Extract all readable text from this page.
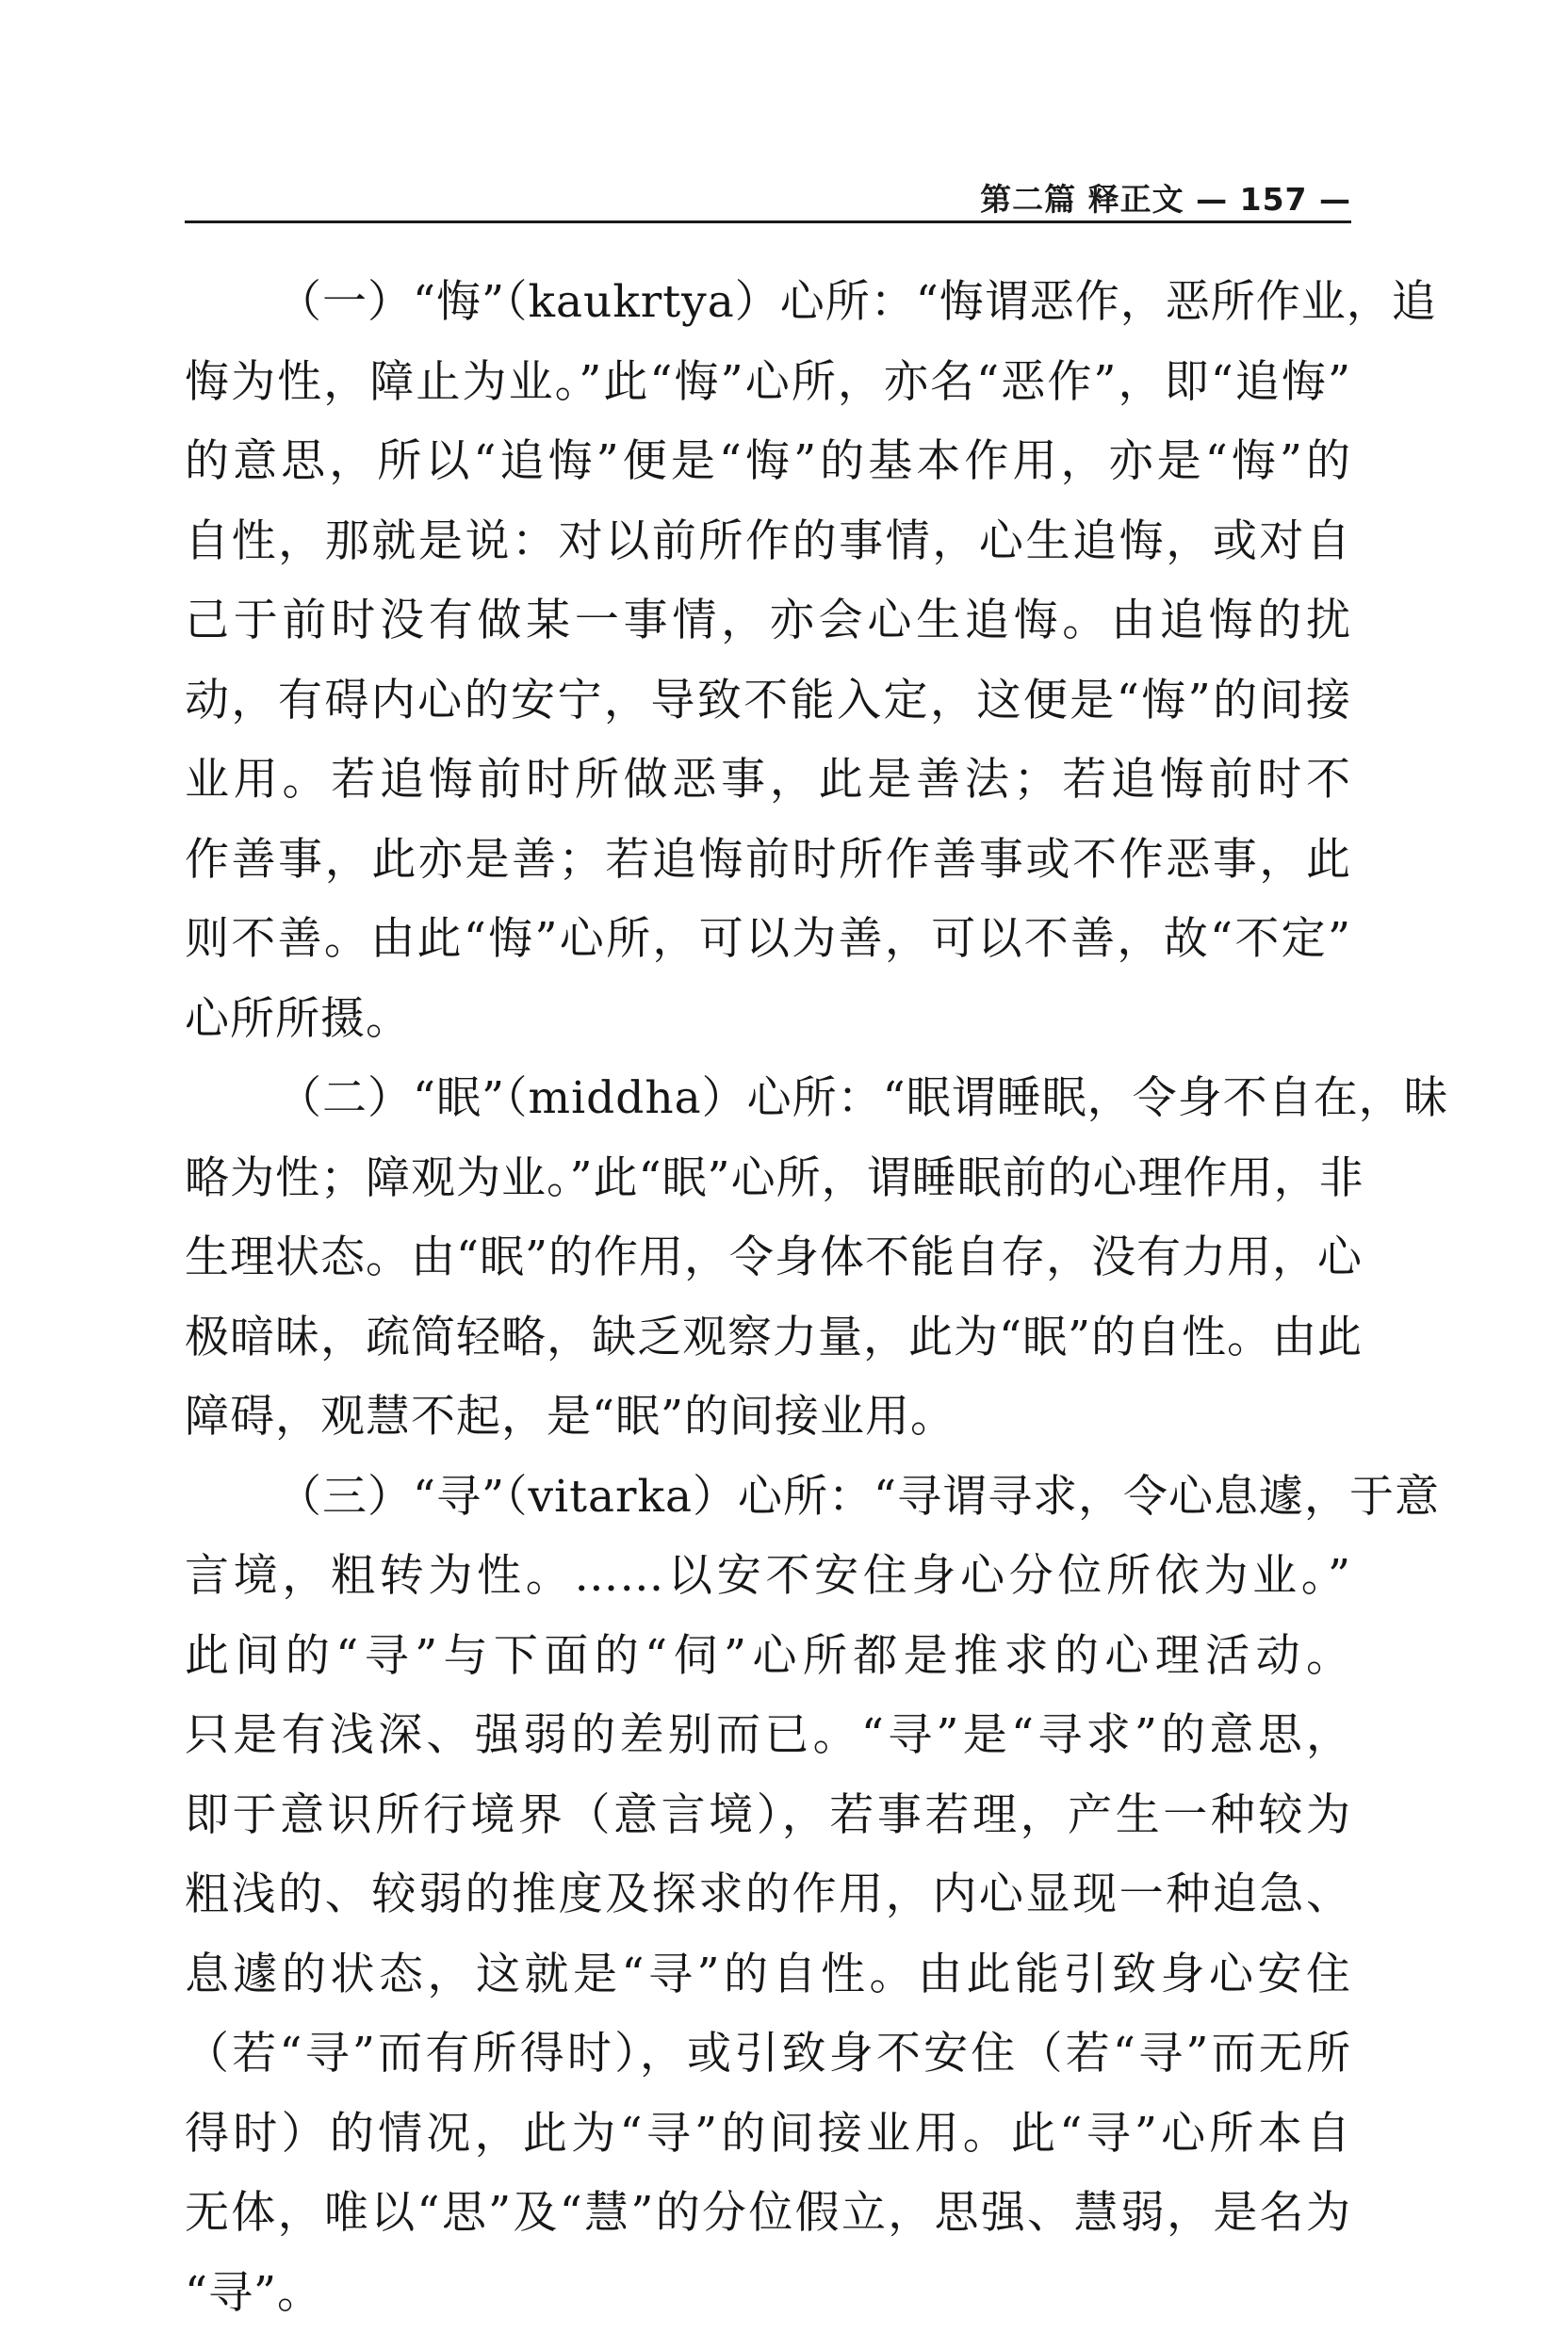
第二篇 释正文 — 157 —
（一）“悔”（kaukrtya）心所：“悔谓恶作，恶所作业，追
悔为性，障止为业。”此“悔”心所，亦名“恶作”，即“追悔”
的意思，所以“追悔”便是“悔”的基本作用，亦是“悔”的
自性，那就是说：对以前所作的事情，心生追悔，或对自
己于前时没有做某一事情，亦会心生追悔。由追悔的扰
动，有碍内心的安宁，导致不能入定，这便是“悔”的间接
业用。若追悔前时所做恶事，此是善法；若追悔前时不
作善事，此亦是善；若追悔前时所作善事或不作恶事，此
则不善。由此“悔”心所，可以为善，可以不善，故“不定”
心所所摄。
（二）“眠”（middha）心所：“眠谓睡眠，令身不自在，昧
略为性；障观为业。”此“眠”心所，谓睡眠前的心理作用，非
生理状态。由“眠”的作用，令身体不能自存，没有力用，心
极暗昧，疏简轻略，缺乏观察力量，此为“眠”的自性。由此
障碍，观慧不起，是“眠”的间接业用。
（三）“寻”（vitarka）心所：“寻谓寻求，令心息遽，于意
言境，粗转为性。……以安不安住身心分位所依为业。”
此间的“寻”与下面的“伺”心所都是推求的心理活动。
只是有浅深、强弱的差别而已。“寻”是“寻求”的意思，
即于意识所行境界（意言境），若事若理，产生一种较为
粗浅的、较弱的推度及探求的作用，内心显现一种迫急、
息遽的状态，这就是“寻”的自性。由此能引致身心安住
（若“寻”而有所得时），或引致身不安住（若“寻”而无所
得时）的情况，此为“寻”的间接业用。此“寻”心所本自
无体，唯以“思”及“慧”的分位假立，思强、慧弱，是名为
“寻”。
